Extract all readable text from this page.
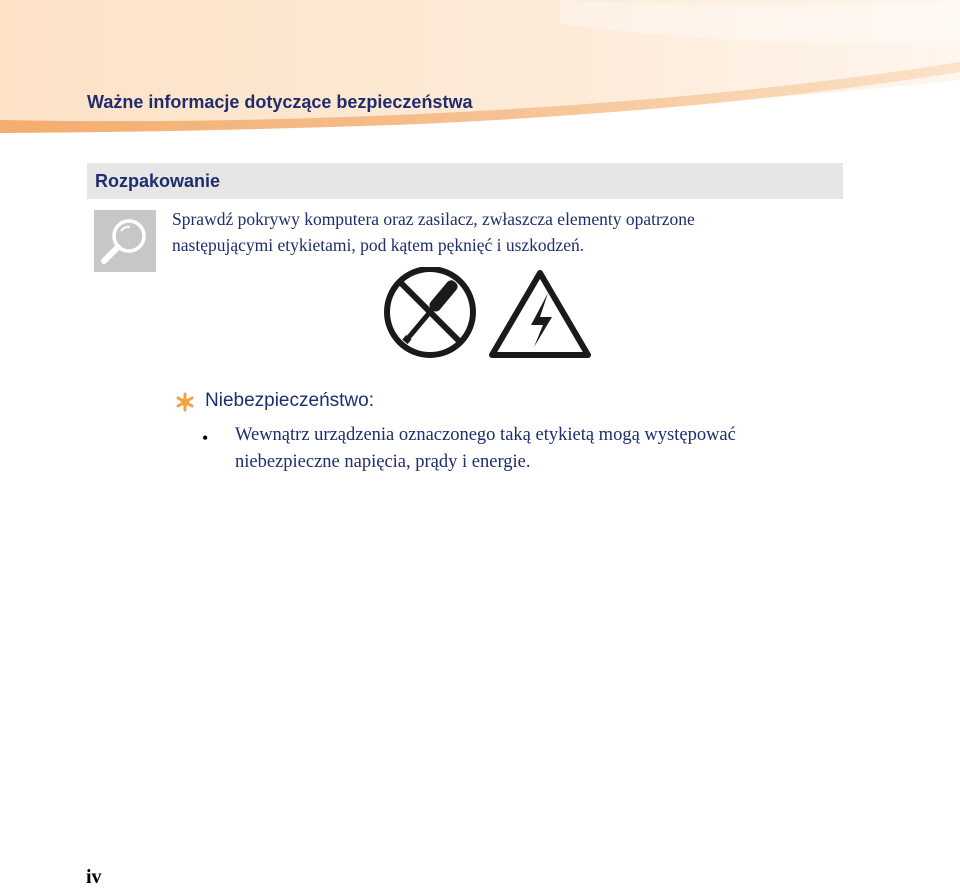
Ważne informacje dotyczące bezpieczeństwa
Rozpakowanie
Sprawdź pokrywy komputera oraz zasilacz, zwłaszcza elementy opatrzone
następującymi etykietami, pod kątem pęknięć i uszkodzeń.
Niebezpieczeństwo:
• Wewnątrz urządzenia oznaczonego taką etykietą mogą występować
niebezpieczne napięcia, prądy i energie.
iv
